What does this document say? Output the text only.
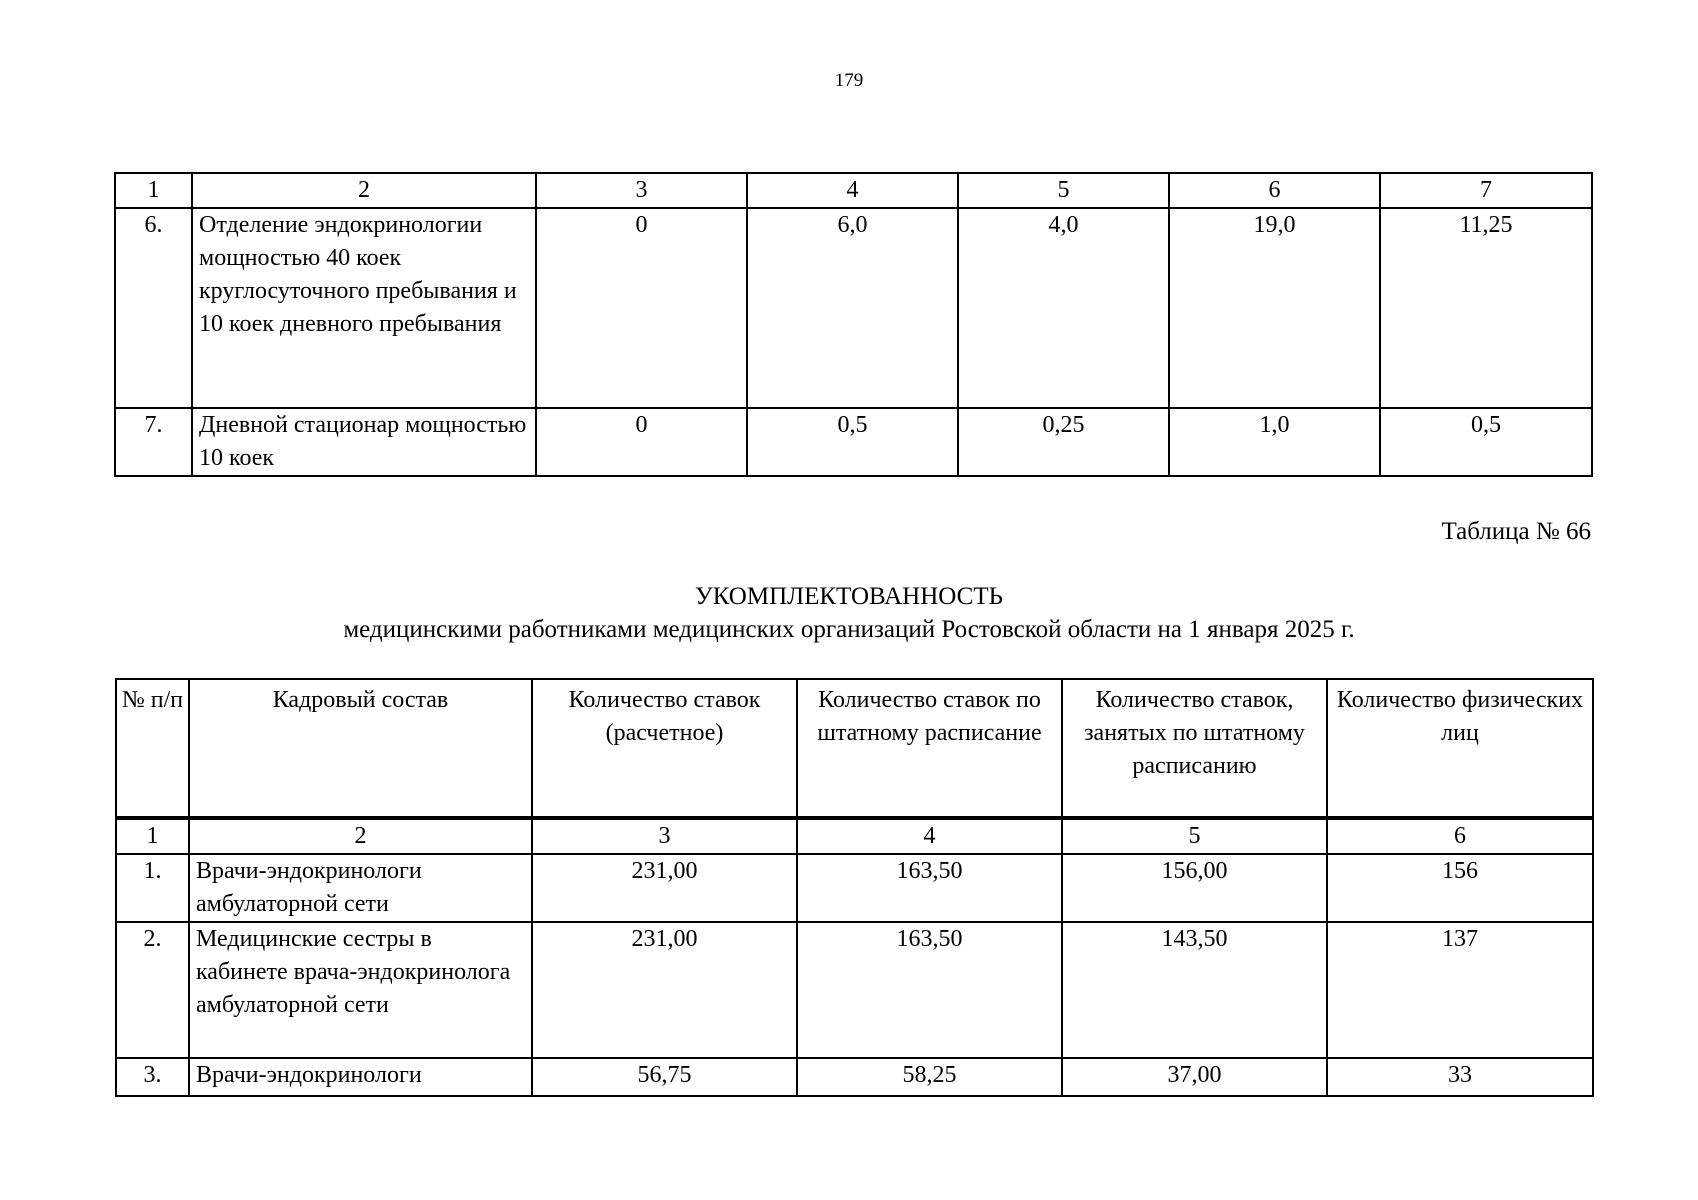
179
1	2	3	4	5	6	7
6.	Отделение эндокринологии мощностью 40 коек круглосуточного пребывания и 10 коек дневного пребывания	0	6,0	4,0	19,0	11,25
7.	Дневной стационар мощностью 10 коек	0	0,5	0,25	1,0	0,5
Таблица № 66
УКОМПЛЕКТОВАННОСТЬ
медицинскими работниками медицинских организаций Ростовской области на 1 января 2025 г.
№ п/п	Кадровый состав	Количество ставок (расчетное)	Количество ставок по штатному расписание	Количество ставок, занятых по штатному расписанию	Количество физических лиц
1	2	3	4	5	6
1.	Врачи-эндокринологи амбулаторной сети	231,00	163,50	156,00	156
2.	Медицинские сестры в кабинете врача-эндокринолога амбулаторной сети	231,00	163,50	143,50	137
3.	Врачи-эндокринологи	56,75	58,25	37,00	33
